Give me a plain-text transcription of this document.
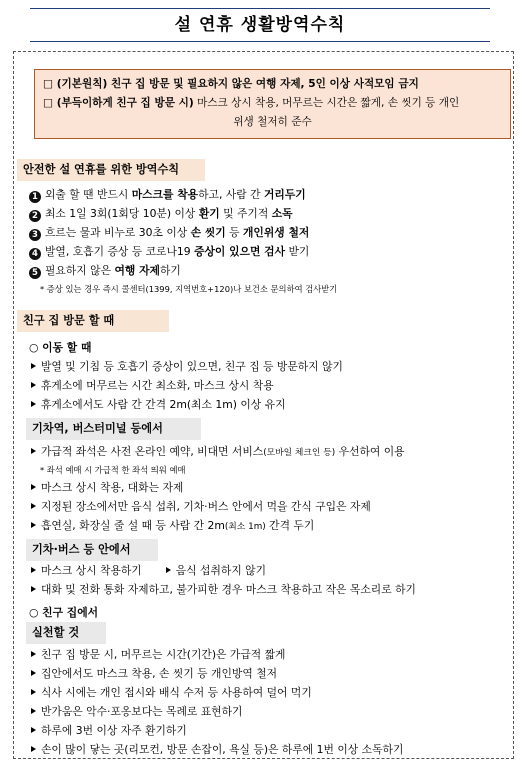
설 연휴 생활방역수칙
□ (기본원칙) 친구 집 방문 및 필요하지 않은 여행 자제, 5인 이상 사적모임 금지
□ (부득이하게 친구 집 방문 시) 마스크 상시 착용, 머무르는 시간은 짧게, 손 씻기 등 개인
위생 철저히 준수
안전한 설 연휴를 위한 방역수칙
1 외출 할 땐 반드시 마스크를 착용하고, 사람 간 거리두기
2 최소 1일 3회(1회당 10분) 이상 환기 및 주기적 소독
3 흐르는 물과 비누로 30초 이상 손 씻기 등 개인위생 철저
4 발열, 호흡기 증상 등 코로나19 증상이 있으면 검사 받기
5 필요하지 않은 여행 자제하기
* 증상 있는 경우 즉시 콜센터(1399, 지역번호+120)나 보건소 문의하여 검사받기
친구 집 방문 할 때
○ 이동 할 때
발열 및 기침 등 호흡기 증상이 있으면, 친구 집 등 방문하지 않기
휴게소에 머무르는 시간 최소화, 마스크 상시 착용
휴게소에서도 사람 간 간격 2m(최소 1m) 이상 유지
기차역, 버스터미널 등에서
가급적 좌석은 사전 온라인 예약, 비대면 서비스(모바일 체크인 등) 우선하여 이용
* 좌석 예매 시 가급적 한 좌석 띄워 예매
마스크 상시 착용, 대화는 자제
지정된 장소에서만 음식 섭취, 기차·버스 안에서 먹을 간식 구입은 자제
흡연실, 화장실 줄 설 때 등 사람 간 2m(최소 1m) 간격 두기
기차·버스 등 안에서
마스크 상시 착용하기	음식 섭취하지 않기
대화 및 전화 통화 자제하고, 불가피한 경우 마스크 착용하고 작은 목소리로 하기
○ 친구 집에서
실천할 것
친구 집 방문 시, 머무르는 시간(기간)은 가급적 짧게
집안에서도 마스크 착용, 손 씻기 등 개인방역 철저
식사 시에는 개인 접시와 배식 수저 등 사용하여 덜어 먹기
반가움은 악수·포옹보다는 목례로 표현하기
하루에 3번 이상 자주 환기하기
손이 많이 닿는 곳(리모컨, 방문 손잡이, 욕실 등)은 하루에 1번 이상 소독하기
